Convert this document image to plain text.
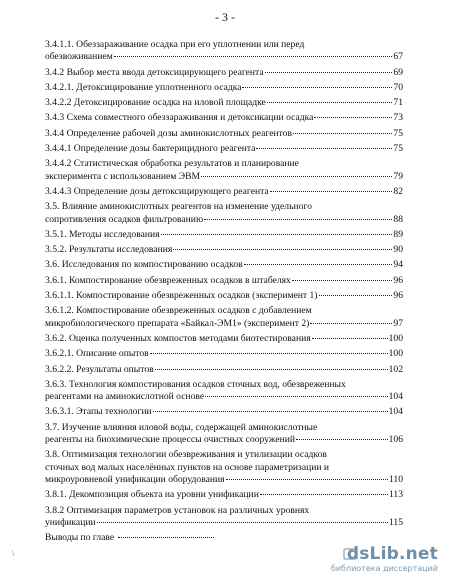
- 3 -
3.4.1.1. Обеззараживание осадка при его уплотнении или перед
обезвоживанием	67
3.4.2 Выбор места ввода детоксицирующего реагента	69
3.4.2.1. Детоксицирование уплотненного осадка	70
3.4.2.2 Детоксицирование осадка на иловой площадке	71
3.4.3 Схема совместного обеззараживания и детоксикации осадка	73
3.4.4 Определение рабочей дозы аминокислотных реагентов	75
3.4.4.1 Определение дозы бактерицидного реагента	75
3.4.4.2 Статистическая обработка результатов и планирование
эксперимента с использованием ЭВМ	79
3.4.4.3 Определение дозы детоксицирующего реагента	82
3.5. Влияние аминокислотных реагентов на изменение удельного
сопротивления осадков фильтрованию	88
3.5.1. Методы исследования	89
3.5.2. Результаты исследования	90
3.6. Исследования по компостированию осадков	94
3.6.1. Компостирование обезвреженных осадков в штабелях	96
3.6.1.1. Компостирование обезвреженных осадков (эксперимент 1)	96
3.6.1.2. Компостирование обезвреженных осадков с добавлением
микробиологического препарата «Байкал-ЭМ1» (эксперимент 2)	97
3.6.2. Оценка полученных компостов методами биотестирования	100
3.6.2.1. Описание опытов	100
3.6.2.2. Результаты опытов	102
3.6.3. Технология компостирования осадков сточных вод, обезвреженных
реагентами на аминокислотной основе	104
3.6.3.1. Этапы технологии	104
3.7. Изучение влияния иловой воды, содержащей аминокислотные
реагенты на биохимические процессы очистных сооружений	106
3.8. Оптимизация технологии обезвреживания и утилизации осадков
сточных вод малых населённых пунктов на основе параметризации и
микроуровневой унификации оборудования	110
3.8.1. Декомпозиция объекта на уровни унификации	113
3.8.2 Оптимизация параметров установок на различных уровнях
унификации	115
Выводы по главе
\	dsLib.net
библиотека диссертаций
